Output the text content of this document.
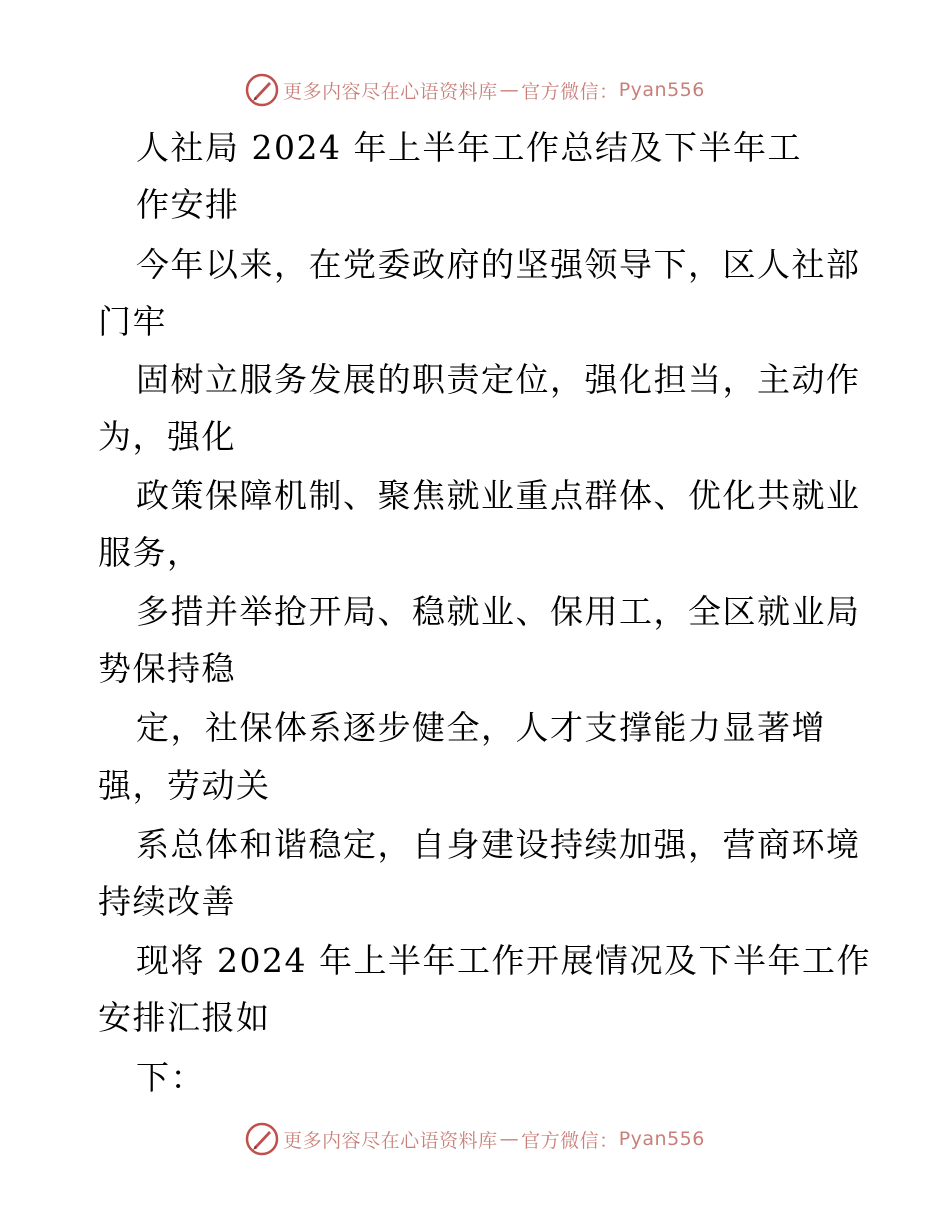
更多内容尽在心语资料库 — 官方微信： Pyan556
人社局 2024 年上半年工作总结及下半年工
作安排
今年以来，在党委政府的坚强领导下，区人社部
门牢
固树立服务发展的职责定位，强化担当，主动作
为，强化
政策保障机制、聚焦就业重点群体、优化共就业
服务，
多措并举抢开局、稳就业、保用工，全区就业局
势保持稳
定，社保体系逐步健全，人才支撑能力显著增
强，劳动关
系总体和谐稳定，自身建设持续加强，营商环境
持续改善
现将 2024 年上半年工作开展情况及下半年工作
安排汇报如
下：
更多内容尽在心语资料库 — 官方微信： Pyan556
